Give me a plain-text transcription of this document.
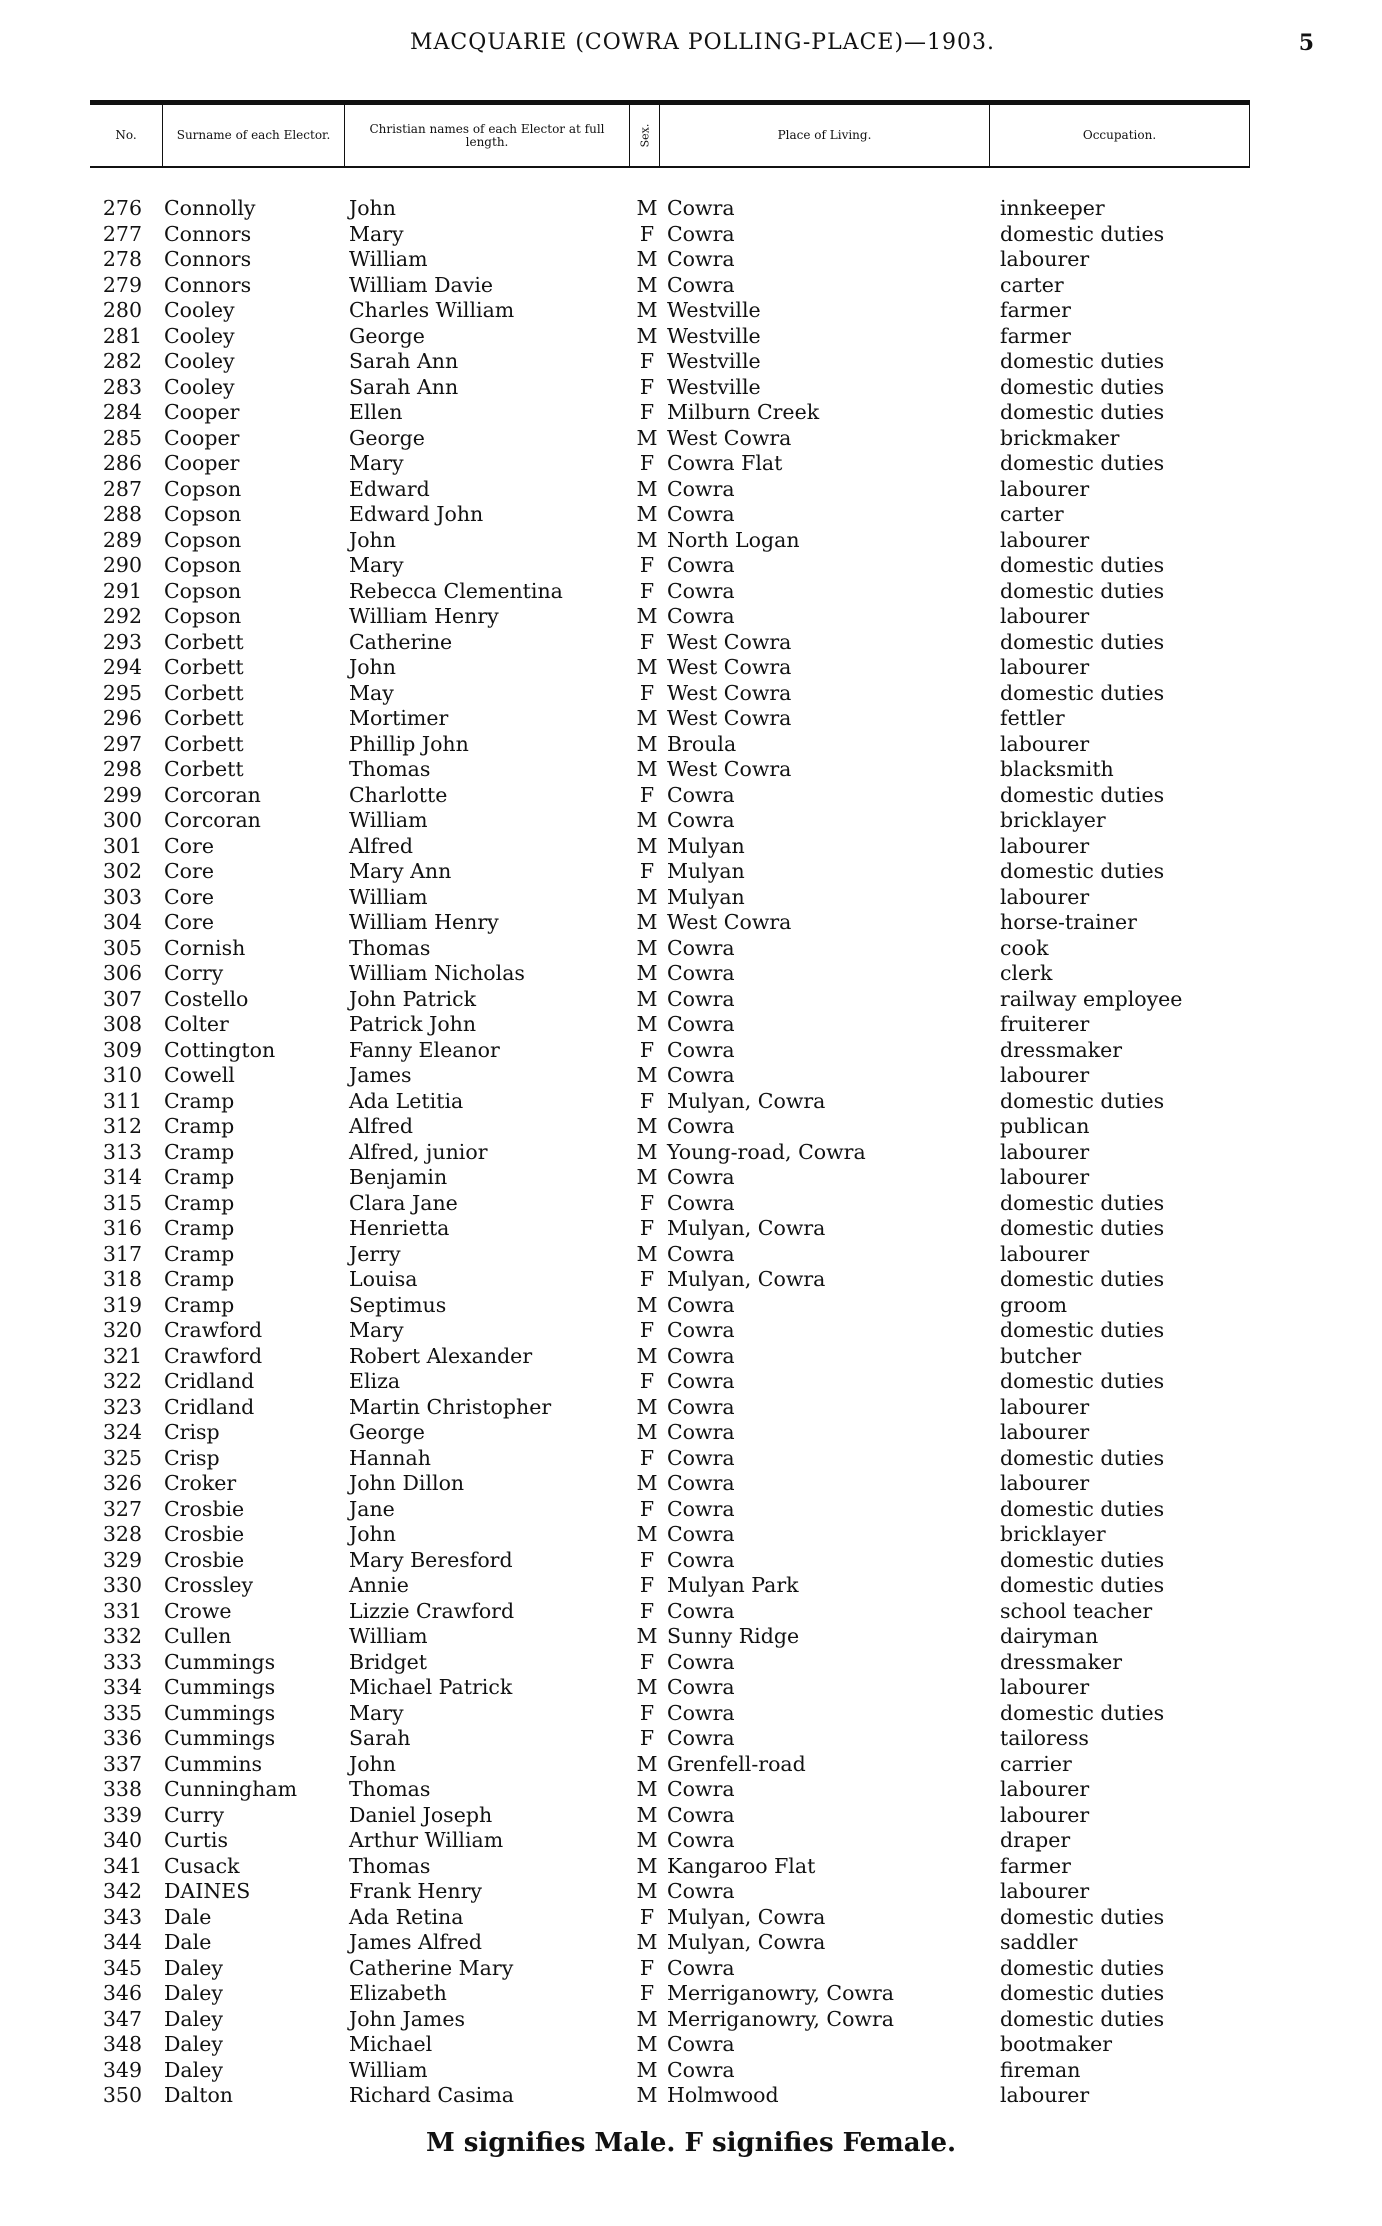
MACQUARIE (COWRA POLLING-PLACE)—1903.	5
No.	Surname of each Elector.	Christian names of each Elector at full length.	Sex.	Place of Living.	Occupation.
276 Connolly	John	M Cowra	innkeeper
277 Connors	Mary	F Cowra	domestic duties
278 Connors	William	M Cowra	labourer
279 Connors	William Davie	M Cowra	carter
280 Cooley	Charles William	M Westville	farmer
281 Cooley	George	M Westville	farmer
282 Cooley	Sarah Ann	F Westville	domestic duties
283 Cooley	Sarah Ann	F Westville	domestic duties
284 Cooper	Ellen	F Milburn Creek	domestic duties
285 Cooper	George	M West Cowra	brickmaker
286 Cooper	Mary	F Cowra Flat	domestic duties
287 Copson	Edward	M Cowra	labourer
288 Copson	Edward John	M Cowra	carter
289 Copson	John	M North Logan	labourer
290 Copson	Mary	F Cowra	domestic duties
291 Copson	Rebecca Clementina	F Cowra	domestic duties
292 Copson	William Henry	M Cowra	labourer
293 Corbett	Catherine	F West Cowra	domestic duties
294 Corbett	John	M West Cowra	labourer
295 Corbett	May	F West Cowra	domestic duties
296 Corbett	Mortimer	M West Cowra	fettler
297 Corbett	Phillip John	M Broula	labourer
298 Corbett	Thomas	M West Cowra	blacksmith
299 Corcoran	Charlotte	F Cowra	domestic duties
300 Corcoran	William	M Cowra	bricklayer
301 Core	Alfred	M Mulyan	labourer
302 Core	Mary Ann	F Mulyan	domestic duties
303 Core	William	M Mulyan	labourer
304 Core	William Henry	M West Cowra	horse-trainer
305 Cornish	Thomas	M Cowra	cook
306 Corry	William Nicholas	M Cowra	clerk
307 Costello	John Patrick	M Cowra	railway employee
308 Colter	Patrick John	M Cowra	fruiterer
309 Cottington	Fanny Eleanor	F Cowra	dressmaker
310 Cowell	James	M Cowra	labourer
311 Cramp	Ada Letitia	F Mulyan, Cowra	domestic duties
312 Cramp	Alfred	M Cowra	publican
313 Cramp	Alfred, junior	M Young-road, Cowra	labourer
314 Cramp	Benjamin	M Cowra	labourer
315 Cramp	Clara Jane	F Cowra	domestic duties
316 Cramp	Henrietta	F Mulyan, Cowra	domestic duties
317 Cramp	Jerry	M Cowra	labourer
318 Cramp	Louisa	F Mulyan, Cowra	domestic duties
319 Cramp	Septimus	M Cowra	groom
320 Crawford	Mary	F Cowra	domestic duties
321 Crawford	Robert Alexander	M Cowra	butcher
322 Cridland	Eliza	F Cowra	domestic duties
323 Cridland	Martin Christopher	M Cowra	labourer
324 Crisp	George	M Cowra	labourer
325 Crisp	Hannah	F Cowra	domestic duties
326 Croker	John Dillon	M Cowra	labourer
327 Crosbie	Jane	F Cowra	domestic duties
328 Crosbie	John	M Cowra	bricklayer
329 Crosbie	Mary Beresford	F Cowra	domestic duties
330 Crossley	Annie	F Mulyan Park	domestic duties
331 Crowe	Lizzie Crawford	F Cowra	school teacher
332 Cullen	William	M Sunny Ridge	dairyman
333 Cummings	Bridget	F Cowra	dressmaker
334 Cummings	Michael Patrick	M Cowra	labourer
335 Cummings	Mary	F Cowra	domestic duties
336 Cummings	Sarah	F Cowra	tailoress
337 Cummins	John	M Grenfell-road	carrier
338 Cunningham	Thomas	M Cowra	labourer
339 Curry	Daniel Joseph	M Cowra	labourer
340 Curtis	Arthur William	M Cowra	draper
341 Cusack	Thomas	M Kangaroo Flat	farmer
342 DAINES	Frank Henry	M Cowra	labourer
343 Dale	Ada Retina	F Mulyan, Cowra	domestic duties
344 Dale	James Alfred	M Mulyan, Cowra	saddler
345 Daley	Catherine Mary	F Cowra	domestic duties
346 Daley	Elizabeth	F Merriganowry, Cowra	domestic duties
347 Daley	John James	M Merriganowry, Cowra	domestic duties
348 Daley	Michael	M Cowra	bootmaker
349 Daley	William	M Cowra	fireman
350 Dalton	Richard Casima	M Holmwood	labourer
M signifies Male. F signifies Female.
